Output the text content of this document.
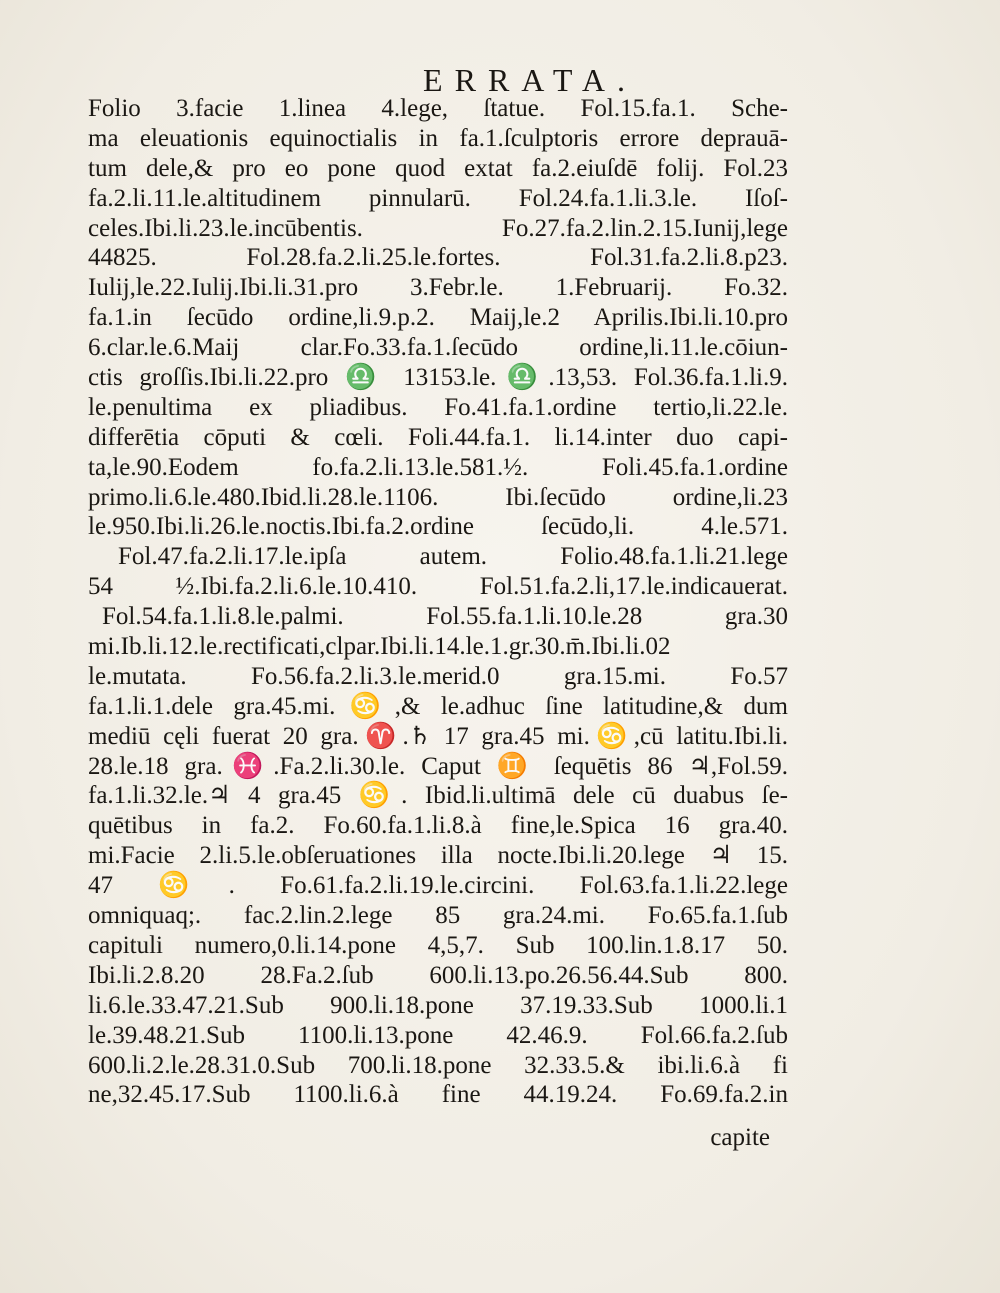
ERRATA.
Folio 3.facie 1.linea 4.lege, ſtatue. Fol.15.fa.1. Sche-
ma eleuationis equinoctialis in fa.1.ſculptoris errore deprauā-
tum dele,& pro eo pone quod extat fa.2.eiuſdē folij. Fol.23
fa.2.li.11.le.altitudinem pinnularū. Fol.24.fa.1.li.3.le. Iſoſ-
celes.Ibi.li.23.le.incūbentis. Fo.27.fa.2.lin.2.15.Iunij,lege
44825. Fol.28.fa.2.li.25.le.fortes. Fol.31.fa.2.li.8.p23.
Iulij,le.22.Iulij.Ibi.li.31.pro 3.Febr.le. 1.Februarij. Fo.32.
fa.1.in ſecūdo ordine,li.9.p.2. Maij,le.2 Aprilis.Ibi.li.10.pro
6.clar.le.6.Maij clar.Fo.33.fa.1.ſecūdo ordine,li.11.le.cōiun-
ctis groſſis.Ibi.li.22.pro ♎ 13153.le.♎.13,53. Fol.36.fa.1.li.9.
le.penultima ex pliadibus. Fo.41.fa.1.ordine tertio,li.22.le.
differētia cōputi & cœli. Foli.44.fa.1. li.14.inter duo capi-
ta,le.90.Eodem fo.fa.2.li.13.le.581.½. Foli.45.fa.1.ordine
primo.li.6.le.480.Ibid.li.28.le.1106. Ibi.ſecūdo ordine,li.23
le.950.Ibi.li.26.le.noctis.Ibi.fa.2.ordine ſecūdo,li. 4.le.571.
Fol.47.fa.2.li.17.le.ipſa autem. Folio.48.fa.1.li.21.lege
54 ½.Ibi.fa.2.li.6.le.10.410. Fol.51.fa.2.li,17.le.indicauerat.
Fol.54.fa.1.li.8.le.palmi. Fol.55.fa.1.li.10.le.28 gra.30
mi.Ib.li.12.le.rectificati,clpar.Ibi.li.14.le.1.gr.30.m̄.Ibi.li.02
le.mutata. Fo.56.fa.2.li.3.le.merid.0 gra.15.mi. Fo.57
fa.1.li.1.dele gra.45.mi.♋,& le.adhuc ſine latitudine,& dum
mediū cęli fuerat 20 gra.♈.♄ 17 gra.45 mi.♋,cū latitu.Ibi.li.
28.le.18 gra.♓.Fa.2.li.30.le. Caput ♊ ſequētis 86 ♃,Fol.59.
fa.1.li.32.le.♃ 4 gra.45 ♋. Ibid.li.ultimā dele cū duabus ſe-
quētibus in fa.2. Fo.60.fa.1.li.8.à fine,le.Spica 16 gra.40.
mi.Facie 2.li.5.le.obſeruationes illa nocte.Ibi.li.20.lege ♃ 15.
47 ♋. Fo.61.fa.2.li.19.le.circini. Fol.63.fa.1.li.22.lege
omniquaq;. fac.2.lin.2.lege 85 gra.24.mi. Fo.65.fa.1.ſub
capituli numero,0.li.14.pone 4,5,7. Sub 100.lin.1.8.17 50.
Ibi.li.2.8.20 28.Fa.2.ſub 600.li.13.po.26.56.44.Sub 800.
li.6.le.33.47.21.Sub 900.li.18.pone 37.19.33.Sub 1000.li.1
le.39.48.21.Sub 1100.li.13.pone 42.46.9. Fol.66.fa.2.ſub
600.li.2.le.28.31.0.Sub 700.li.18.pone 32.33.5.& ibi.li.6.à fi
ne,32.45.17.Sub 1100.li.6.à fine 44.19.24. Fo.69.fa.2.in
capite
